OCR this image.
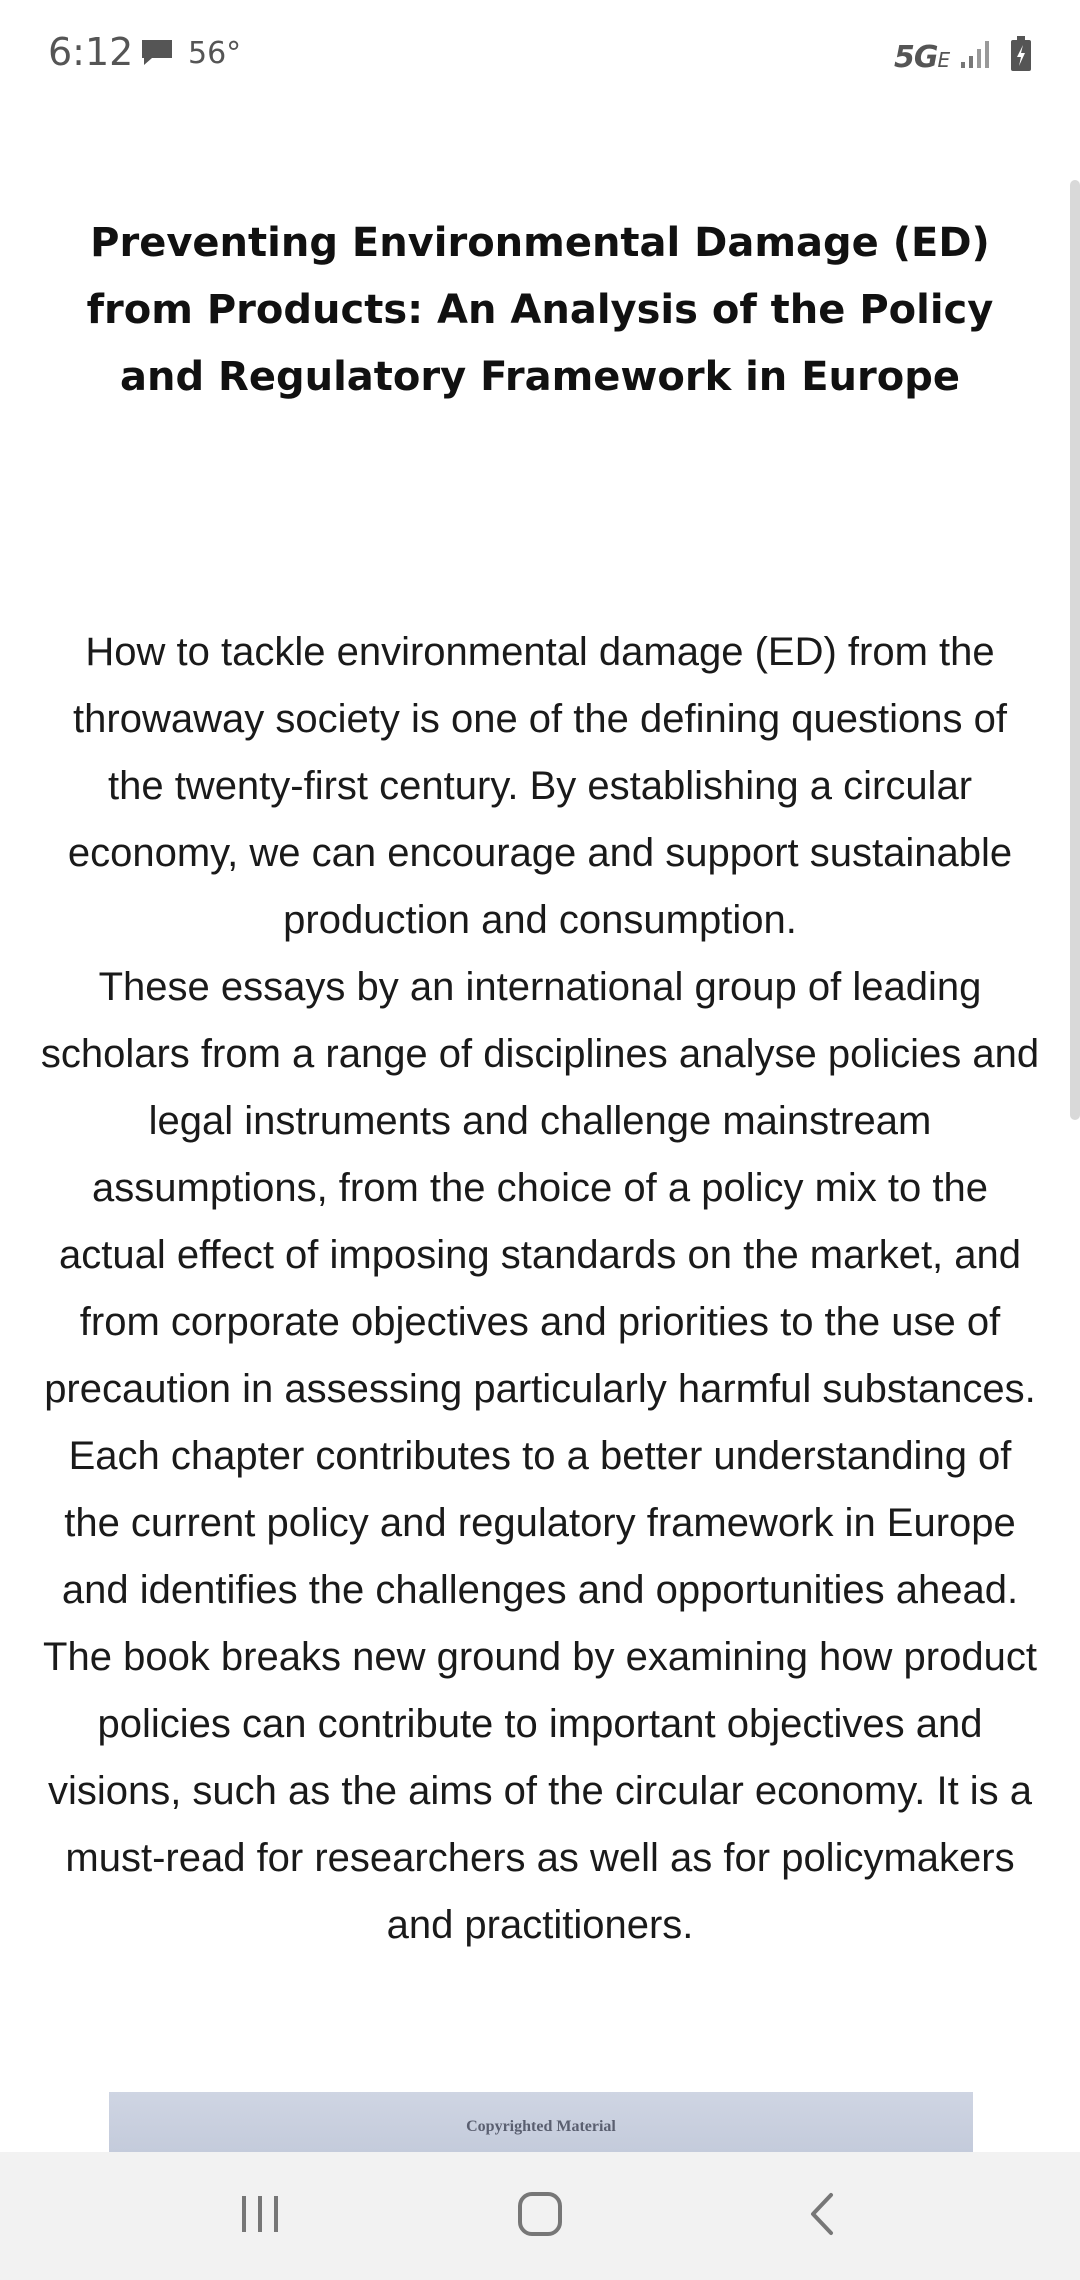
6:12 56°	5GE
Preventing Environmental Damage (ED) from Products: An Analysis of the Policy and Regulatory Framework in Europe

How to tackle environmental damage (ED) from the throwaway society is one of the defining questions of the twenty-first century. By establishing a circular economy, we can encourage and support sustainable production and consumption.

These essays by an international group of leading scholars from a range of disciplines analyse policies and legal instruments and challenge mainstream assumptions, from the choice of a policy mix to the actual effect of imposing standards on the market, and from corporate objectives and priorities to the use of precaution in assessing particularly harmful substances.

Each chapter contributes to a better understanding of the current policy and regulatory framework in Europe and identifies the challenges and opportunities ahead. The book breaks new ground by examining how product policies can contribute to important objectives and visions, such as the aims of the circular economy. It is a must-read for researchers as well as for policymakers and practitioners.

Copyrighted Material
